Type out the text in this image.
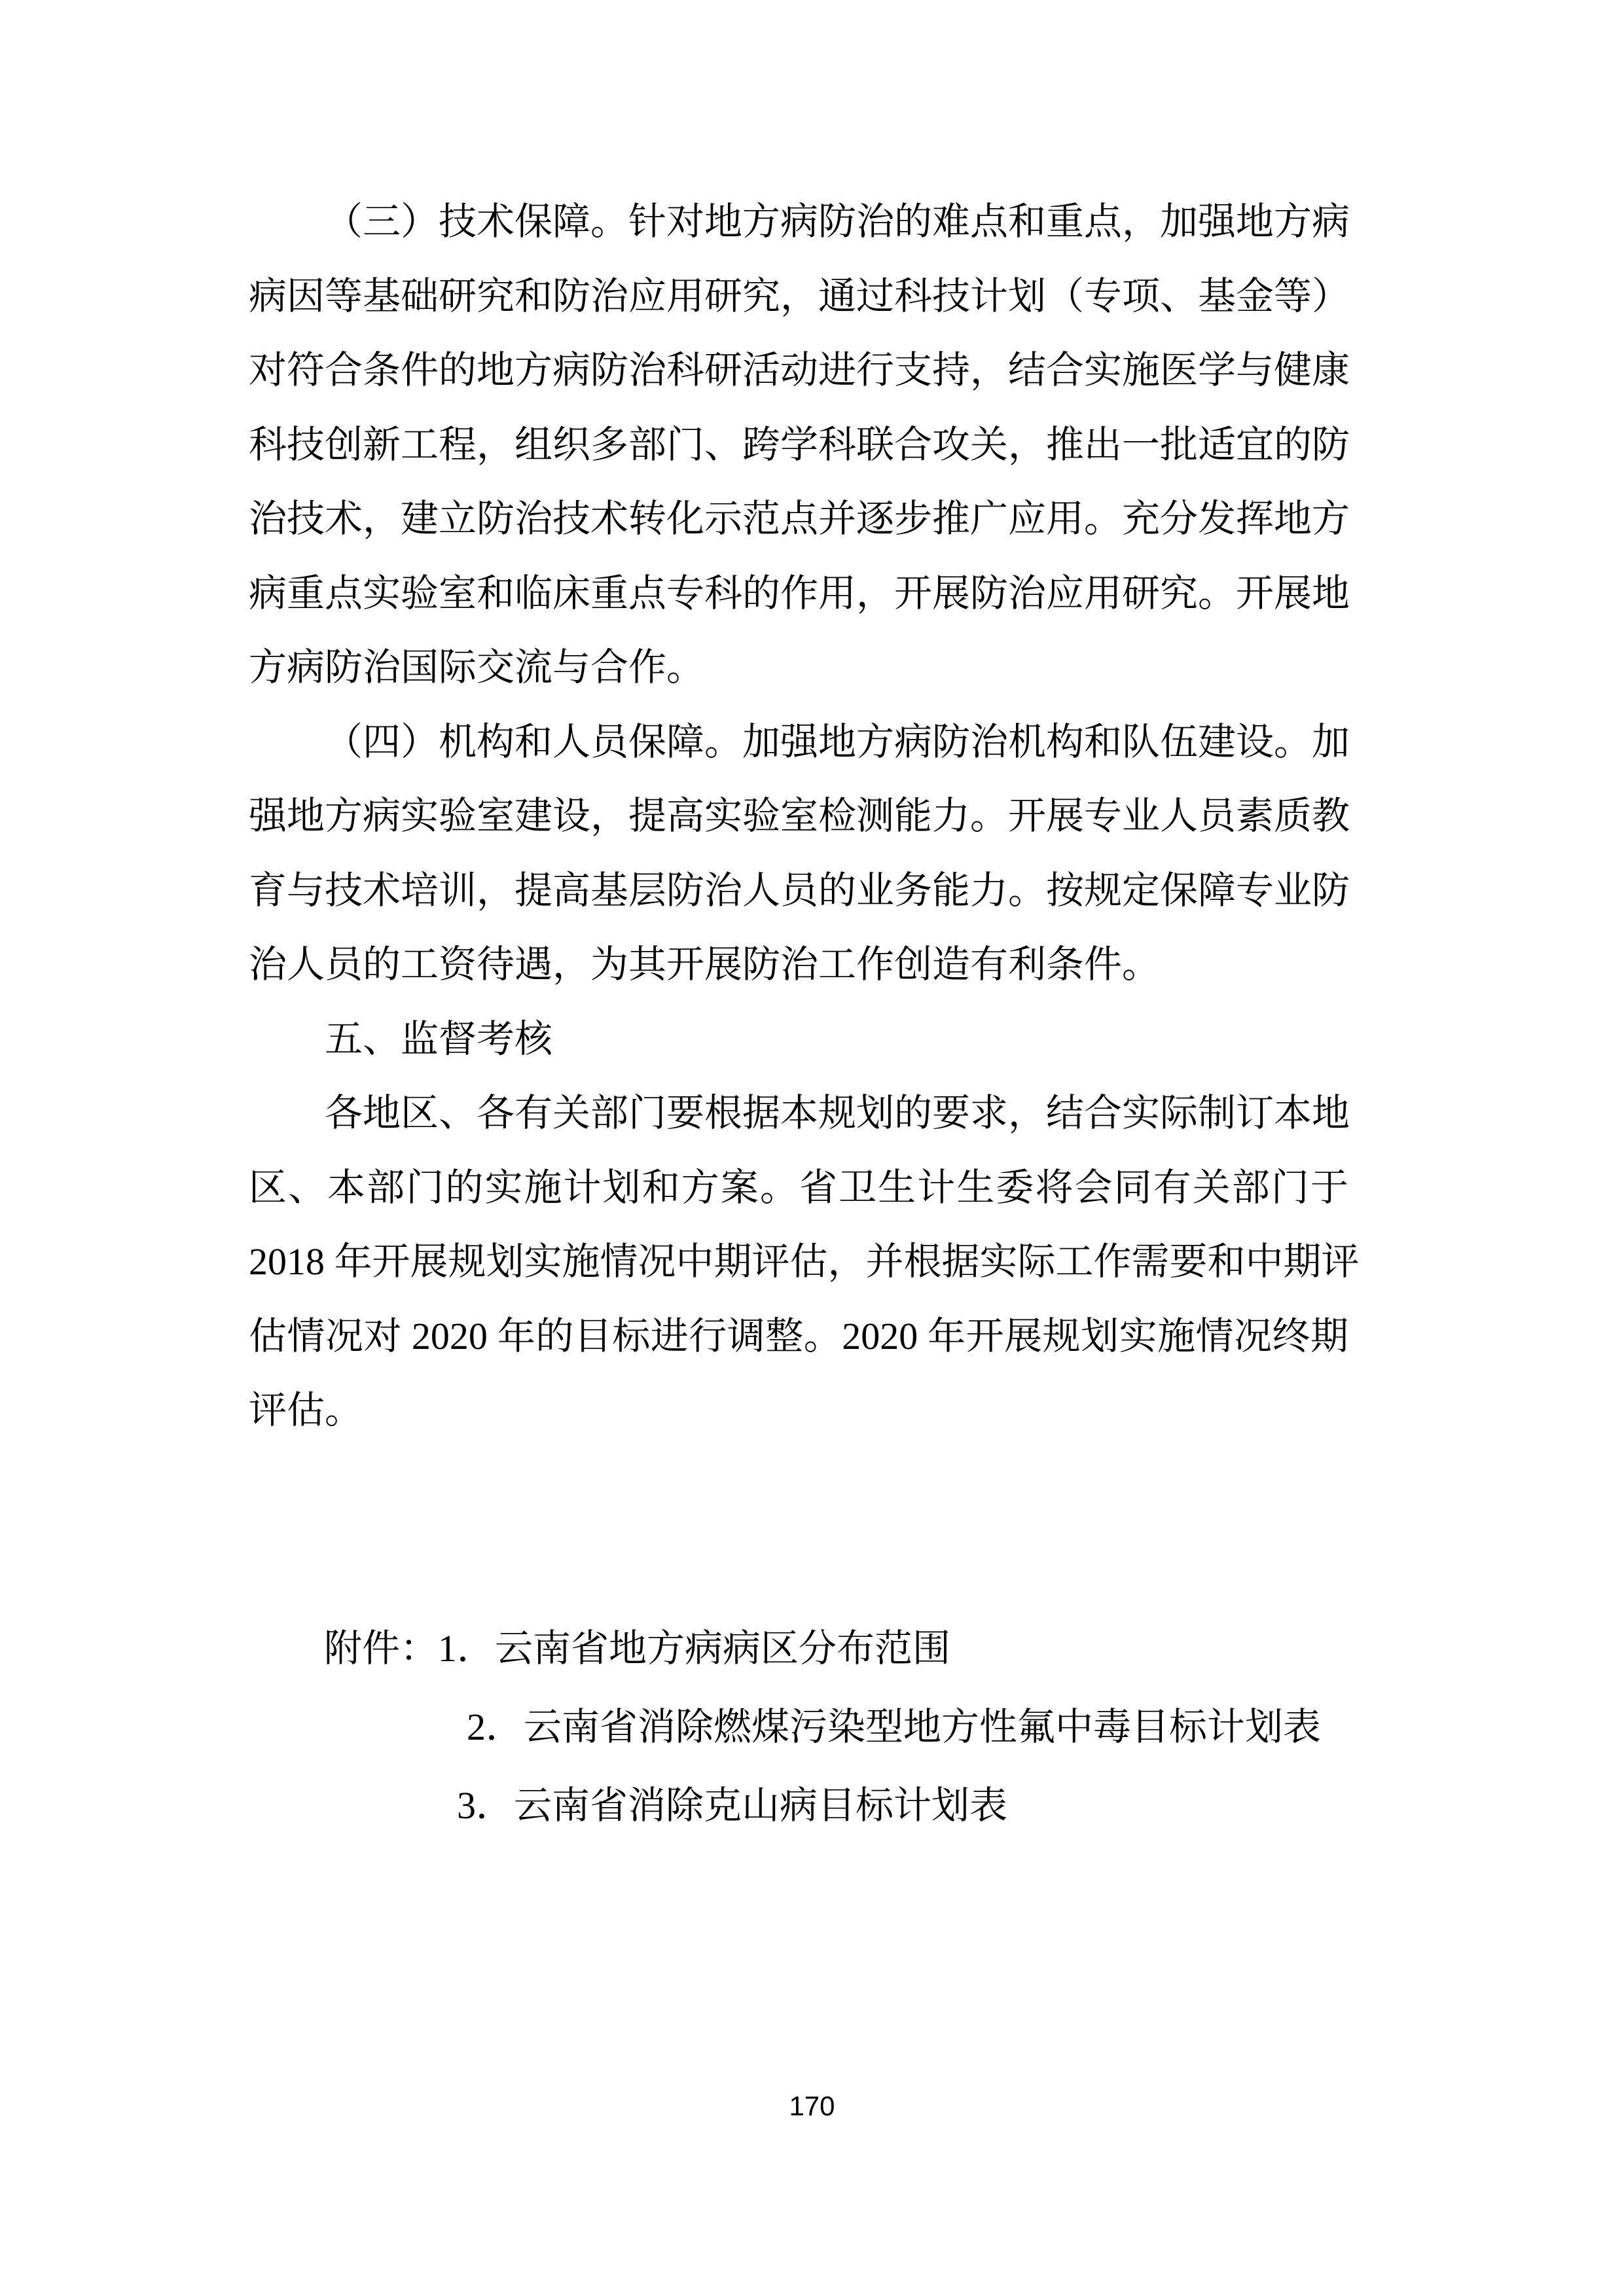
（三）技术保障。针对地方病防治的难点和重点，加强地方病

病因等基础研究和防治应用研究，通过科技计划（专项、基金等）

对符合条件的地方病防治科研活动进行支持，结合实施医学与健康

科技创新工程，组织多部门、跨学科联合攻关，推出一批适宜的防

治技术，建立防治技术转化示范点并逐步推广应用。充分发挥地方

病重点实验室和临床重点专科的作用，开展防治应用研究。开展地

方病防治国际交流与合作。

（四）机构和人员保障。加强地方病防治机构和队伍建设。加

强地方病实验室建设，提高实验室检测能力。开展专业人员素质教

育与技术培训，提高基层防治人员的业务能力。按规定保障专业防

治人员的工资待遇，为其开展防治工作创造有利条件。

五、监督考核

各地区、各有关部门要根据本规划的要求，结合实际制订本地

区、本部门的实施计划和方案。省卫生计生委将会同有关部门于

2018 年开展规划实施情况中期评估，并根据实际工作需要和中期评

估情况对 2020 年的目标进行调整。2020 年开展规划实施情况终期

评估。

附件：1．云南省地方病病区分布范围

2．云南省消除燃煤污染型地方性氟中毒目标计划表

3．云南省消除克山病目标计划表

170
